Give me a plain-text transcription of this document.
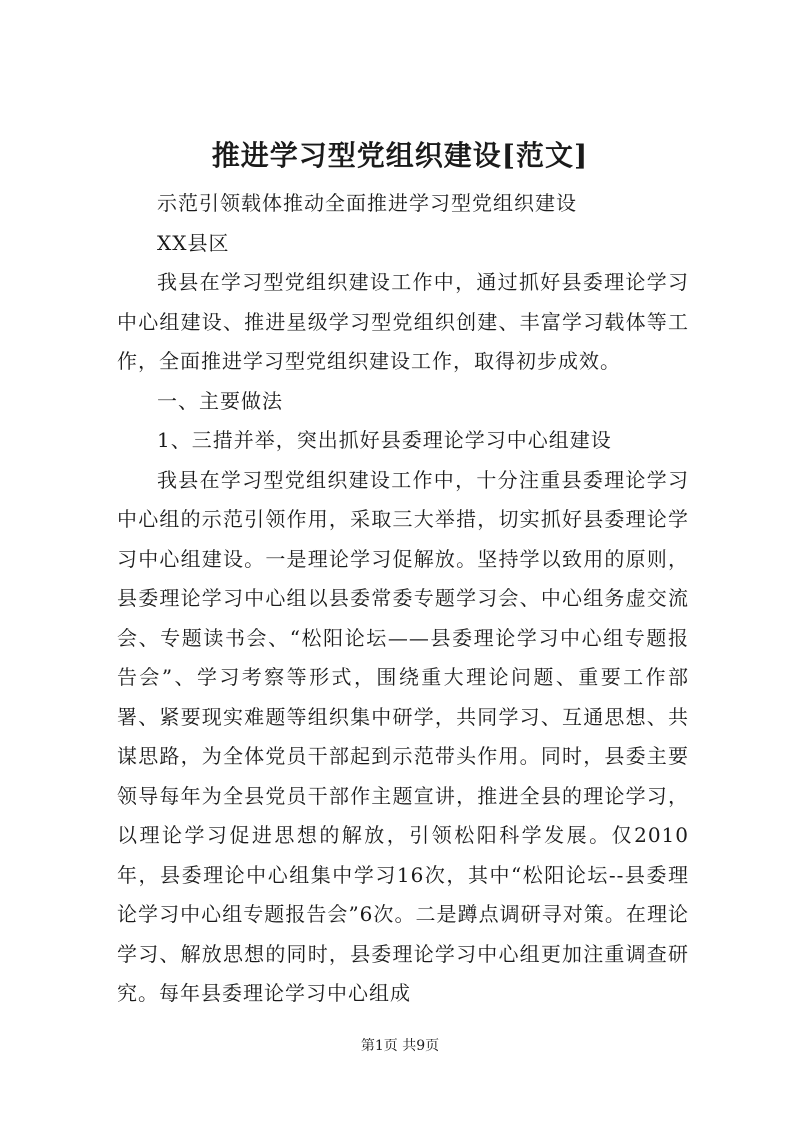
推进学习型党组织建设[范文]

示范引领载体推动全面推进学习型党组织建设

XX县区

我县在学习型党组织建设工作中，通过抓好县委理论学习中心组建设、推进星级学习型党组织创建、丰富学习载体等工作，全面推进学习型党组织建设工作，取得初步成效。

一、主要做法

1、三措并举，突出抓好县委理论学习中心组建设

我县在学习型党组织建设工作中，十分注重县委理论学习中心组的示范引领作用，采取三大举措，切实抓好县委理论学习中心组建设。一是理论学习促解放。坚持学以致用的原则，县委理论学习中心组以县委常委专题学习会、中心组务虚交流会、专题读书会、“松阳论坛——县委理论学习中心组专题报告会”、学习考察等形式，围绕重大理论问题、重要工作部署、紧要现实难题等组织集中研学，共同学习、互通思想、共谋思路，为全体党员干部起到示范带头作用。同时，县委主要领导每年为全县党员干部作主题宣讲，推进全县的理论学习，以理论学习促进思想的解放，引领松阳科学发展。仅2010年，县委理论中心组集中学习16次，其中“松阳论坛--县委理论学习中心组专题报告会”6次。二是蹲点调研寻对策。在理论学习、解放思想的同时，县委理论学习中心组更加注重调查研究。每年县委理论学习中心组成

第1页 共9页
